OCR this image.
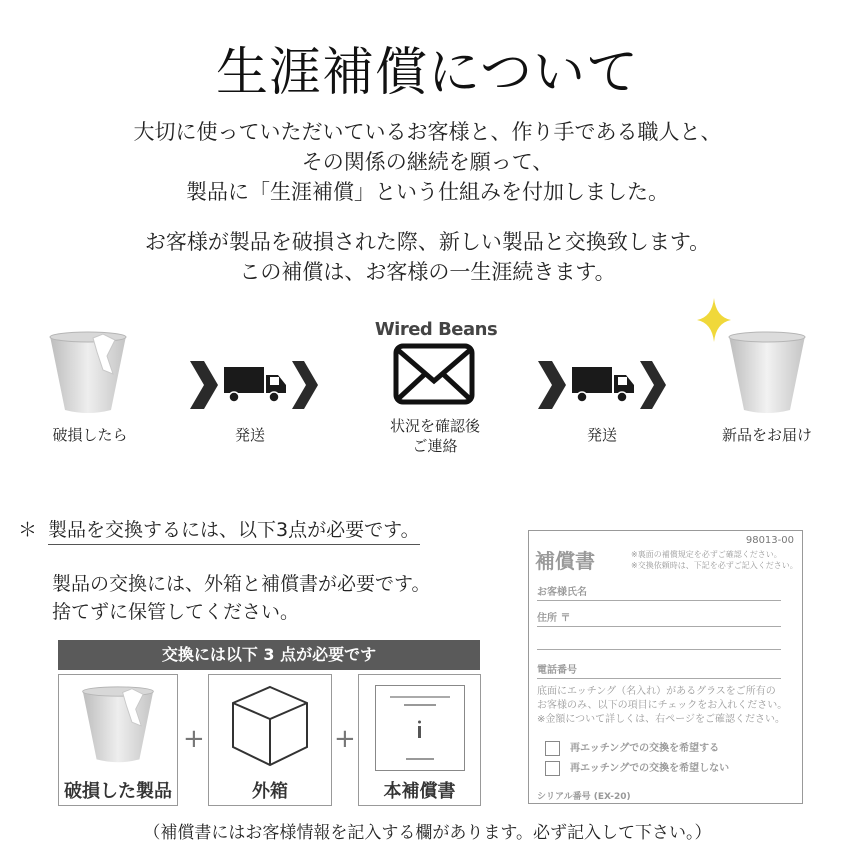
生涯補償について
大切に使っていただいているお客様と、作り手である職人と、
その関係の継続を願って、
製品に「生涯補償」という仕組みを付加しました。
お客様が製品を破損された際、新しい製品と交換致します。
この補償は、お客様の一生涯続きます。
破損したら	発送
Wired Beans
状況を確認後
ご連絡
発送	新品をお届け
＊ 製品を交換するには、以下3点が必要です。
製品の交換には、外箱と補償書が必要です。
捨てずに保管してください。
交換には以下 3 点が必要です
破損した製品
+
外箱
+
本補償書
98013-00
補償書	※裏面の補償規定を必ずご確認ください。
※交換依頼時は、下記を必ずご記入ください。
お客様氏名
住所 〒
電話番号
底面にエッチング（名入れ）があるグラスをご所有の
お客様のみ、以下の項目にチェックをお入れください。
※金額について詳しくは、右ページをご確認ください。
再エッチングでの交換を希望する
再エッチングでの交換を希望しない
シリアル番号 (EX-20)
（補償書にはお客様情報を記入する欄があります。必ず記入して下さい。）
